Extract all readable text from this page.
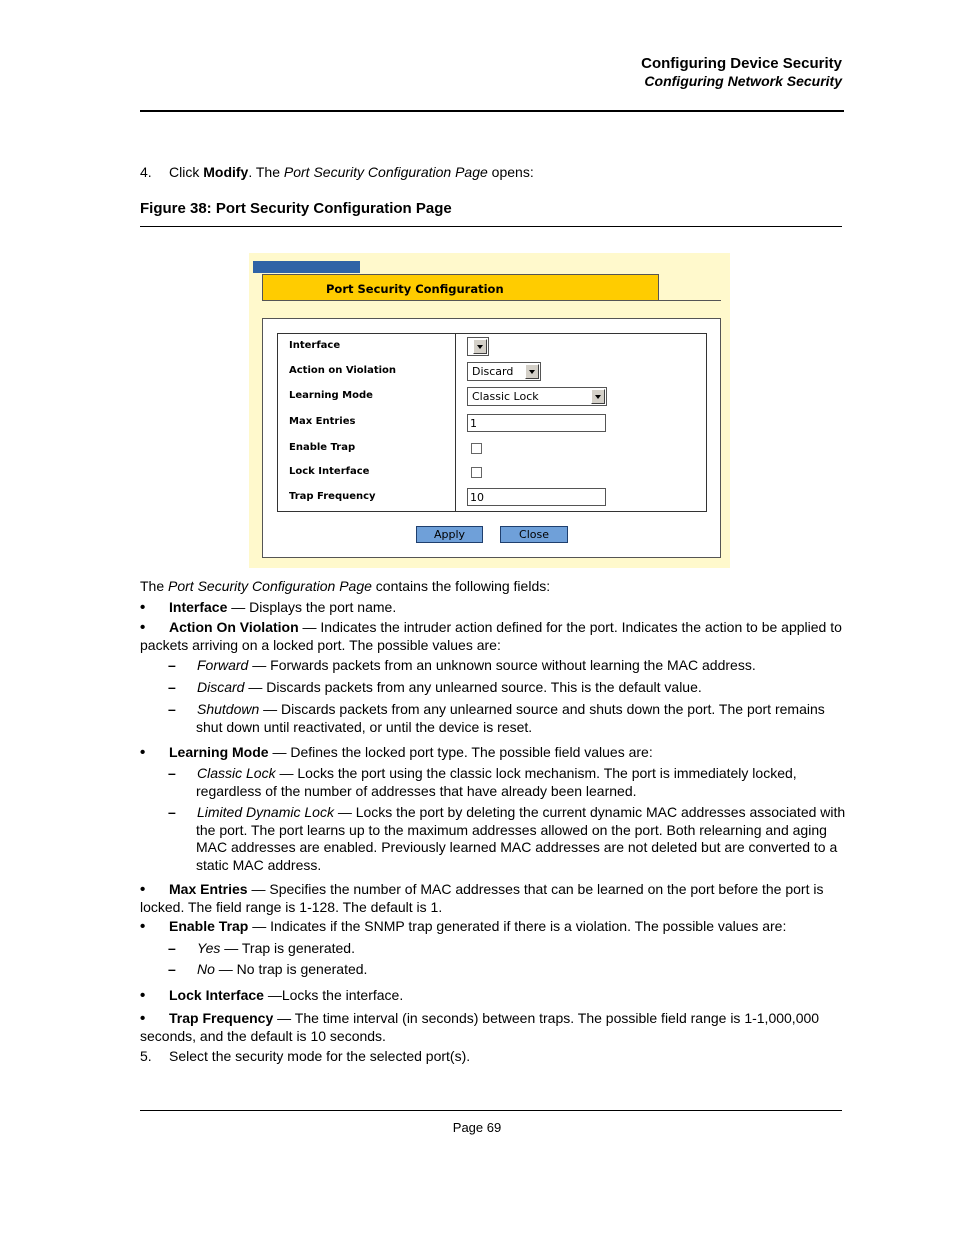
Configuring Device Security
Configuring Network Security
4. Click Modify. The Port Security Configuration Page opens:
Figure 38: Port Security Configuration Page
Port Security Configuration
Interface
Action on Violation
Learning Mode
Max Entries
Enable Trap
Lock Interface
Trap Frequency
Discard
Classic Lock
1
10
Apply	Close
The Port Security Configuration Page contains the following fields:
• Interface — Displays the port name.
• Action On Violation — Indicates the intruder action defined for the port. Indicates the action to be applied to
packets arriving on a locked port. The possible values are:
– Forward — Forwards packets from an unknown source without learning the MAC address.
– Discard — Discards packets from any unlearned source. This is the default value.
– Shutdown — Discards packets from any unlearned source and shuts down the port. The port remains
shut down until reactivated, or until the device is reset.
• Learning Mode — Defines the locked port type. The possible field values are:
– Classic Lock — Locks the port using the classic lock mechanism. The port is immediately locked,
regardless of the number of addresses that have already been learned.
– Limited Dynamic Lock — Locks the port by deleting the current dynamic MAC addresses associated with
the port. The port learns up to the maximum addresses allowed on the port. Both relearning and aging
MAC addresses are enabled. Previously learned MAC addresses are not deleted but are converted to a
static MAC address.
• Max Entries — Specifies the number of MAC addresses that can be learned on the port before the port is
locked. The field range is 1-128. The default is 1.
• Enable Trap — Indicates if the SNMP trap generated if there is a violation. The possible values are:
– Yes — Trap is generated.
– No — No trap is generated.
• Lock Interface —Locks the interface.
• Trap Frequency — The time interval (in seconds) between traps. The possible field range is 1-1,000,000
seconds, and the default is 10 seconds.
5. Select the security mode for the selected port(s).
Page 69
